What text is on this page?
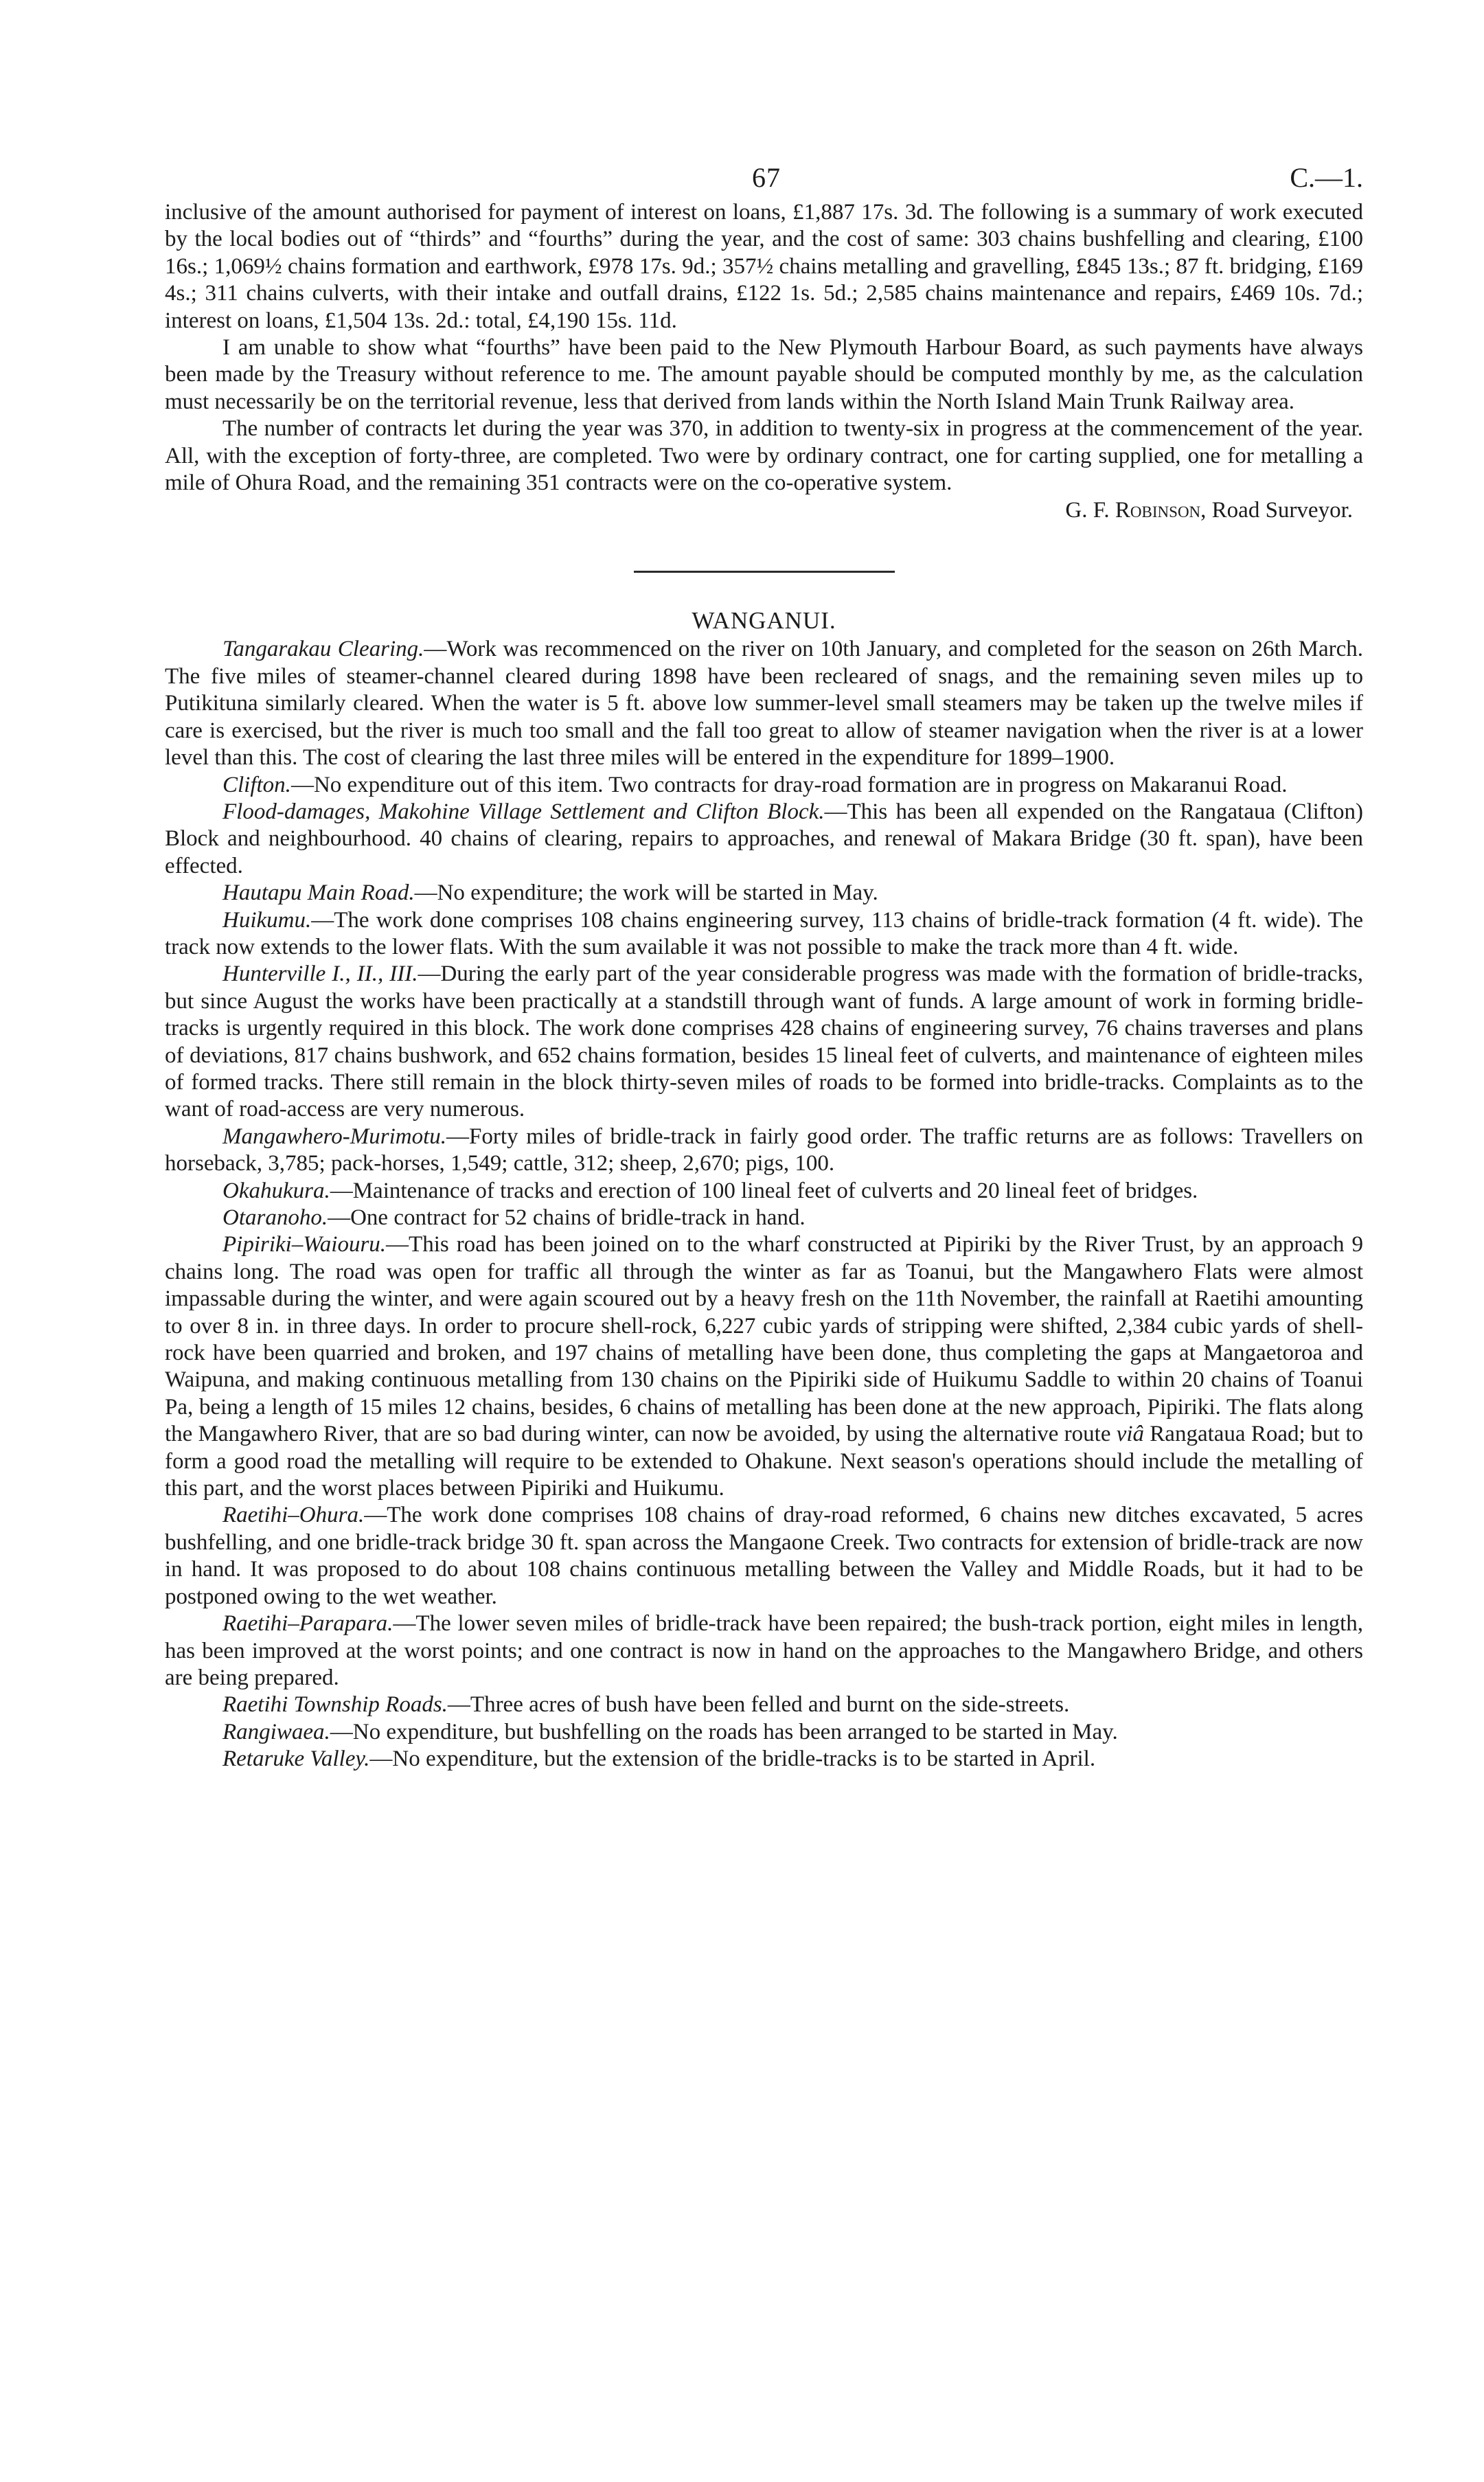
67	C.—1.

inclusive of the amount authorised for payment of interest on loans, £1,887 17s. 3d. The following is a summary of work executed by the local bodies out of “thirds” and “fourths” during the year, and the cost of same: 303 chains bushfelling and clearing, £100 16s.; 1,069½ chains formation and earthwork, £978 17s. 9d.; 357½ chains metalling and gravelling, £845 13s.; 87 ft. bridging, £169 4s.; 311 chains culverts, with their intake and outfall drains, £122 1s. 5d.; 2,585 chains maintenance and repairs, £469 10s. 7d.; interest on loans, £1,504 13s. 2d.: total, £4,190 15s. 11d.

I am unable to show what “fourths” have been paid to the New Plymouth Harbour Board, as such payments have always been made by the Treasury without reference to me. The amount payable should be computed monthly by me, as the calculation must necessarily be on the territorial revenue, less that derived from lands within the North Island Main Trunk Railway area.

The number of contracts let during the year was 370, in addition to twenty-six in progress at the commencement of the year. All, with the exception of forty-three, are completed. Two were by ordinary contract, one for carting supplied, one for metalling a mile of Ohura Road, and the remaining 351 contracts were on the co-operative system.

G. F. Robinson, Road Surveyor.
WANGANUI.

Tangarakau Clearing.—Work was recommenced on the river on 10th January, and completed for the season on 26th March. The five miles of steamer-channel cleared during 1898 have been recleared of snags, and the remaining seven miles up to Putikituna similarly cleared. When the water is 5 ft. above low summer-level small steamers may be taken up the twelve miles if care is exercised, but the river is much too small and the fall too great to allow of steamer navigation when the river is at a lower level than this. The cost of clearing the last three miles will be entered in the expenditure for 1899–1900.

Clifton.—No expenditure out of this item. Two contracts for dray-road formation are in progress on Makaranui Road.

Flood-damages, Makohine Village Settlement and Clifton Block.—This has been all expended on the Rangataua (Clifton) Block and neighbourhood. 40 chains of clearing, repairs to approaches, and renewal of Makara Bridge (30 ft. span), have been effected.

Hautapu Main Road.—No expenditure; the work will be started in May.

Huikumu.—The work done comprises 108 chains engineering survey, 113 chains of bridle-track formation (4 ft. wide). The track now extends to the lower flats. With the sum available it was not possible to make the track more than 4 ft. wide.

Hunterville I., II., III.—During the early part of the year considerable progress was made with the formation of bridle-tracks, but since August the works have been practically at a standstill through want of funds. A large amount of work in forming bridle-tracks is urgently required in this block. The work done comprises 428 chains of engineering survey, 76 chains traverses and plans of deviations, 817 chains bushwork, and 652 chains formation, besides 15 lineal feet of culverts, and maintenance of eighteen miles of formed tracks. There still remain in the block thirty-seven miles of roads to be formed into bridle-tracks. Complaints as to the want of road-access are very numerous.

Mangawhero-Murimotu.—Forty miles of bridle-track in fairly good order. The traffic returns are as follows: Travellers on horseback, 3,785; pack-horses, 1,549; cattle, 312; sheep, 2,670; pigs, 100.

Okahukura.—Maintenance of tracks and erection of 100 lineal feet of culverts and 20 lineal feet of bridges.

Otaranoho.—One contract for 52 chains of bridle-track in hand.

Pipiriki–Waiouru.—This road has been joined on to the wharf constructed at Pipiriki by the River Trust, by an approach 9 chains long. The road was open for traffic all through the winter as far as Toanui, but the Mangawhero Flats were almost impassable during the winter, and were again scoured out by a heavy fresh on the 11th November, the rainfall at Raetihi amounting to over 8 in. in three days. In order to procure shell-rock, 6,227 cubic yards of stripping were shifted, 2,384 cubic yards of shell-rock have been quarried and broken, and 197 chains of metalling have been done, thus completing the gaps at Mangaetoroa and Waipuna, and making continuous metalling from 130 chains on the Pipiriki side of Huikumu Saddle to within 20 chains of Toanui Pa, being a length of 15 miles 12 chains, besides, 6 chains of metalling has been done at the new approach, Pipiriki. The flats along the Mangawhero River, that are so bad during winter, can now be avoided, by using the alternative route viâ Rangataua Road; but to form a good road the metalling will require to be extended to Ohakune. Next season's operations should include the metalling of this part, and the worst places between Pipiriki and Huikumu.

Raetihi–Ohura.—The work done comprises 108 chains of dray-road reformed, 6 chains new ditches excavated, 5 acres bushfelling, and one bridle-track bridge 30 ft. span across the Mangaone Creek. Two contracts for extension of bridle-track are now in hand. It was proposed to do about 108 chains continuous metalling between the Valley and Middle Roads, but it had to be postponed owing to the wet weather.

Raetihi–Parapara.—The lower seven miles of bridle-track have been repaired; the bush-track portion, eight miles in length, has been improved at the worst points; and one contract is now in hand on the approaches to the Mangawhero Bridge, and others are being prepared.

Raetihi Township Roads.—Three acres of bush have been felled and burnt on the side-streets.

Rangiwaea.—No expenditure, but bushfelling on the roads has been arranged to be started in May.

Retaruke Valley.—No expenditure, but the extension of the bridle-tracks is to be started in April.
